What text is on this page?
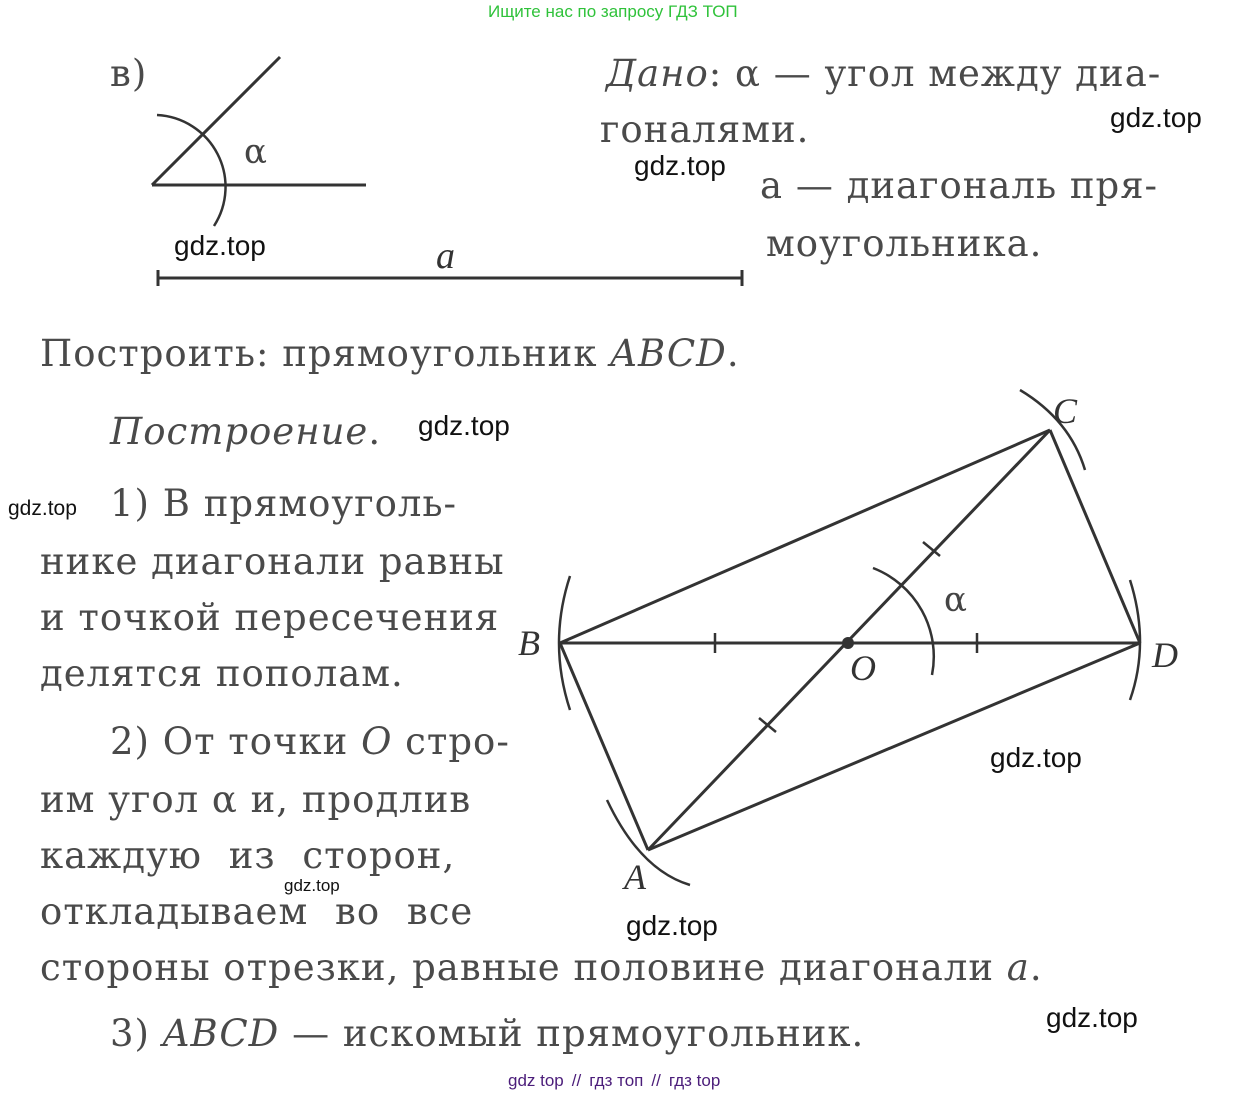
Ищите нас по запросу ГДЗ ТОП
в)
α
a
Дано: α — угол между диа-
гоналями.
a — диагональ пря-
моугольника.
Построить: прямоугольник ABCD.
Построение.
1) В прямоуголь-
нике диагонали равны
и точкой пересечения
делятся пополам.
2) От точки O стро-
им угол α и, продлив
каждую из сторон,
откладываем во все
стороны отрезки, равные половине диагонали a.
3) ABCD — искомый прямоугольник.
C
B	D
A
O
α
gdz.top
gdz.top
gdz.top
gdz.top
gdz.top
gdz.top
gdz.top
gdz.top
gdz.top
gdz top // гдз топ // гдз top
